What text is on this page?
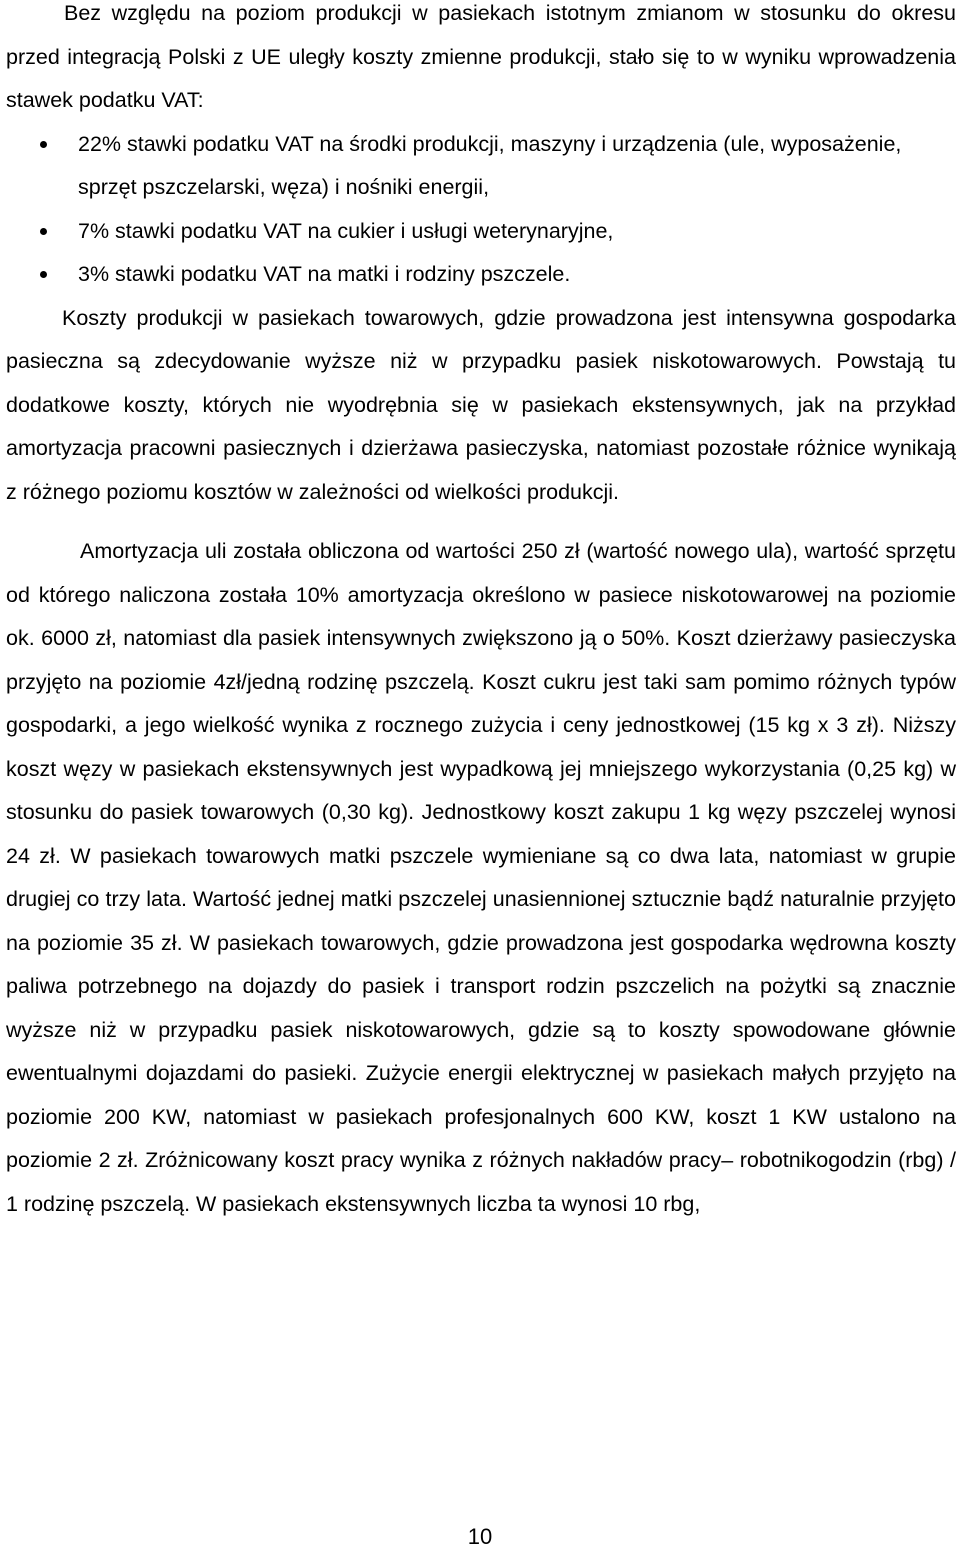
Bez względu na poziom produkcji w pasiekach istotnym zmianom w stosunku do okresu przed integracją Polski z UE uległy koszty zmienne produkcji, stało się to w wyniku wprowadzenia stawek podatku VAT:

22% stawki podatku VAT na środki produkcji, maszyny i urządzenia (ule, wyposażenie, sprzęt pszczelarski, węza) i nośniki energii,
7% stawki podatku VAT na cukier i usługi weterynaryjne,
3% stawki podatku VAT na matki i rodziny pszczele.

Koszty produkcji w pasiekach towarowych, gdzie prowadzona jest intensywna gospodarka pasieczna są zdecydowanie wyższe niż w przypadku pasiek niskotowarowych. Powstają tu dodatkowe koszty, których nie wyodrębnia się w pasiekach ekstensywnych, jak na przykład amortyzacja pracowni pasiecznych i dzierżawa pasieczyska, natomiast pozostałe różnice wynikają z różnego poziomu kosztów w zależności od wielkości produkcji.

Amortyzacja uli została obliczona od wartości 250 zł (wartość nowego ula), wartość sprzętu od którego naliczona została 10% amortyzacja określono w pasiece niskotowarowej na poziomie ok. 6000 zł, natomiast dla pasiek intensywnych zwiększono ją o 50%. Koszt dzierżawy pasieczyska przyjęto na poziomie 4zł/jedną rodzinę pszczelą. Koszt cukru jest taki sam pomimo różnych typów gospodarki, a jego wielkość wynika z rocznego zużycia i ceny jednostkowej (15 kg x 3 zł). Niższy koszt węzy w pasiekach ekstensywnych jest wypadkową jej mniejszego wykorzystania (0,25 kg) w stosunku do pasiek towarowych (0,30 kg). Jednostkowy koszt zakupu 1 kg węzy pszczelej wynosi 24 zł. W pasiekach towarowych matki pszczele wymieniane są co dwa lata, natomiast w grupie drugiej co trzy lata. Wartość jednej matki pszczelej unasiennionej sztucznie bądź naturalnie przyjęto na poziomie 35 zł. W pasiekach towarowych, gdzie prowadzona jest gospodarka wędrowna koszty paliwa potrzebnego na dojazdy do pasiek i transport rodzin pszczelich na pożytki są znacznie wyższe niż w przypadku pasiek niskotowarowych, gdzie są to koszty spowodowane głównie ewentualnymi dojazdami do pasieki. Zużycie energii elektrycznej w pasiekach małych przyjęto na poziomie 200 KW, natomiast w pasiekach profesjonalnych 600 KW, koszt 1 KW ustalono na poziomie 2 zł. Zróżnicowany koszt pracy wynika z różnych nakładów pracy– robotnikogodzin (rbg) / 1 rodzinę pszczelą. W pasiekach ekstensywnych liczba ta wynosi 10 rbg,

10
